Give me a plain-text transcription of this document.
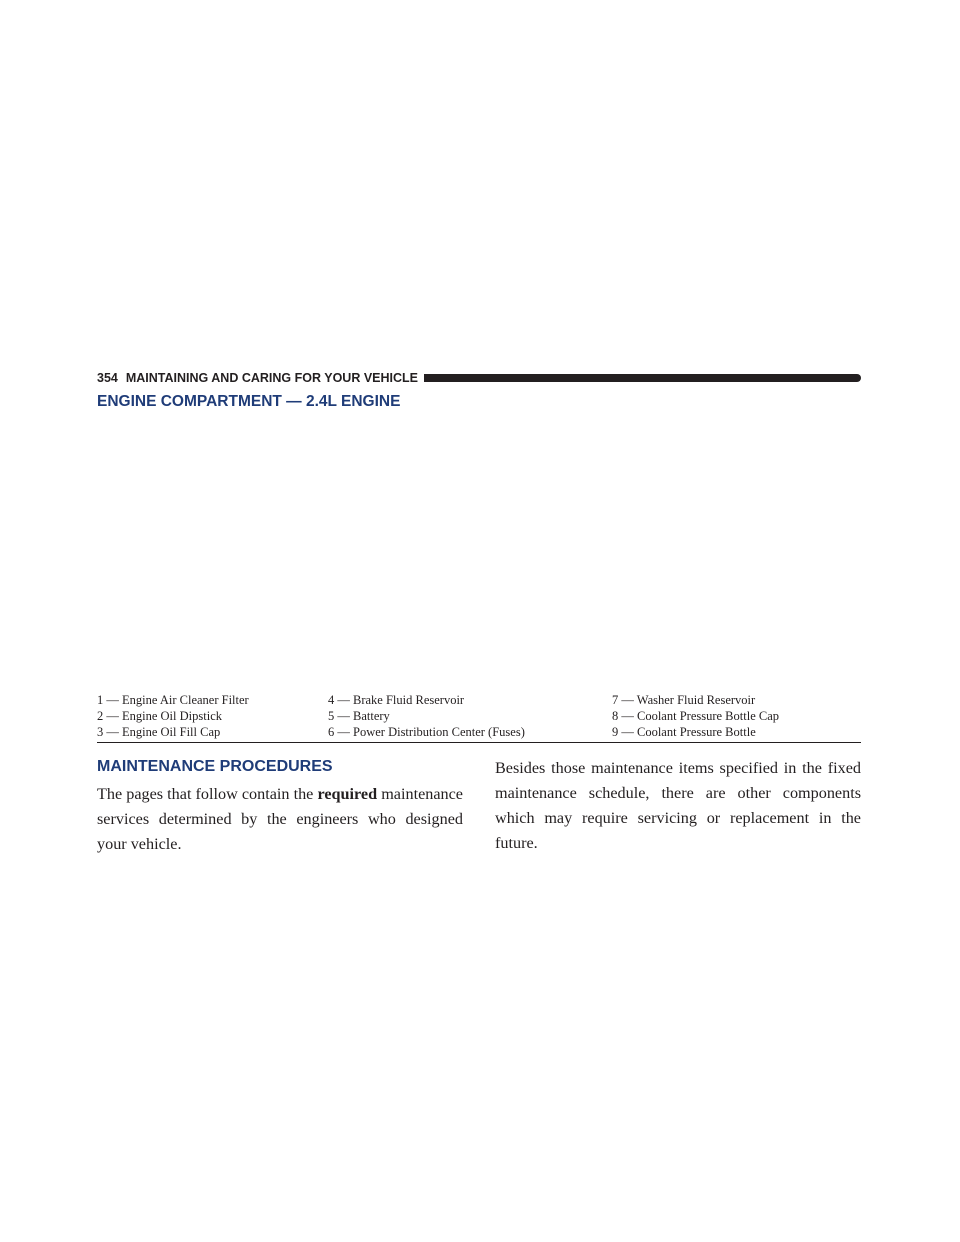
354 MAINTAINING AND CARING FOR YOUR VEHICLE
ENGINE COMPARTMENT — 2.4L ENGINE
1 — Engine Air Cleaner Filter
2 — Engine Oil Dipstick
3 — Engine Oil Fill Cap
4 — Brake Fluid Reservoir
5 — Battery
6 — Power Distribution Center (Fuses)
7 — Washer Fluid Reservoir
8 — Coolant Pressure Bottle Cap
9 — Coolant Pressure Bottle
MAINTENANCE PROCEDURES

The pages that follow contain the required maintenance services determined by the engineers who designed your vehicle.

Besides those maintenance items specified in the fixed maintenance schedule, there are other components which may require servicing or replacement in the future.
